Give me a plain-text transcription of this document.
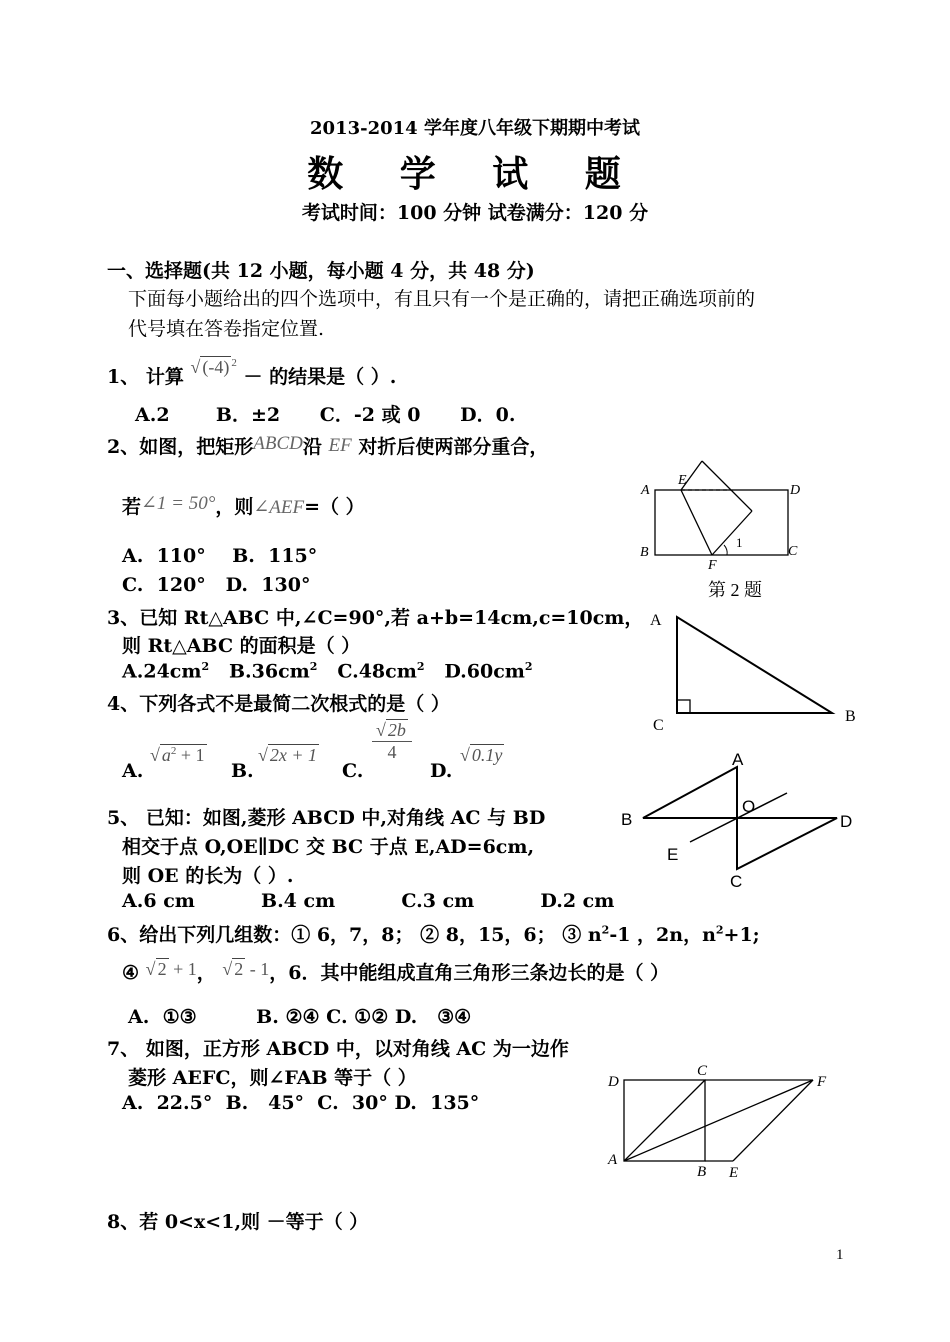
2013-2014 学年度八年级下期期中考试
数 学 试 题
考试时间：100 分钟 试卷满分：120 分
一、选择题(共 12 小题，每小题 4 分，共 48 分)
下面每小题给出的四个选项中，有且只有一个是正确的，请把正确选项前的
代号填在答卷指定位置.
1、 计算 √ (-4) $^2$ － 的结果是（ ）.
A.2       B．±2      C．-2 或 0      D．0.
2、如图，把矩形ABCD沿 EF 对折后使两部分重合，
若∠1 = 50°，则∠AEF=（ ）
A.  110°    B.  115°
C.  120°   D.  130°
A
E
D
B
F
C
1
第 2 题
3、已知 Rt△ABC 中,∠C=90°,若 a+b=14cm,c=10cm，
则 Rt△ABC 的面积是（ ）
$A.24cm^2$ $B.36cm^2$ $C.48cm^2$ $D.60cm^2$
A
B
C
4、下列各式不是最简二次根式的是（ ）
A.
√ $a^2 + 1$
B.
√ 2x + 1
C.
√ 2b
4
D.
√ 0.1y
5、 已知：如图,菱形 ABCD 中,对角线 AC 与 BD
相交于点 O,OE∥DC 交 BC 于点 E,AD=6cm,
则 OE 的长为（ ）.
A.6 cm          B.4 cm          C.3 cm          D.2 cm
A
B	D
C
O
E
6、给出下列几组数：① 6，7，8； ② 8，15，6； ③ $n^2-1$ ，2n，$n^2+1$;
④ √ 2 + 1， √ 2 - 1，6．其中能组成直角三角形三条边长的是（ ）
A.  ①③         B. ②④ C. ①② D.   ③④
7、 如图，正方形 ABCD 中，以对角线 AC 为一边作
菱形 AEFC，则∠FAB 等于（ ）
A.  22.5°  B.   45°  C.  30° D.  135°
D
C
F
A
B E
8、若 0<x<1,则 －等于（ ）
1
